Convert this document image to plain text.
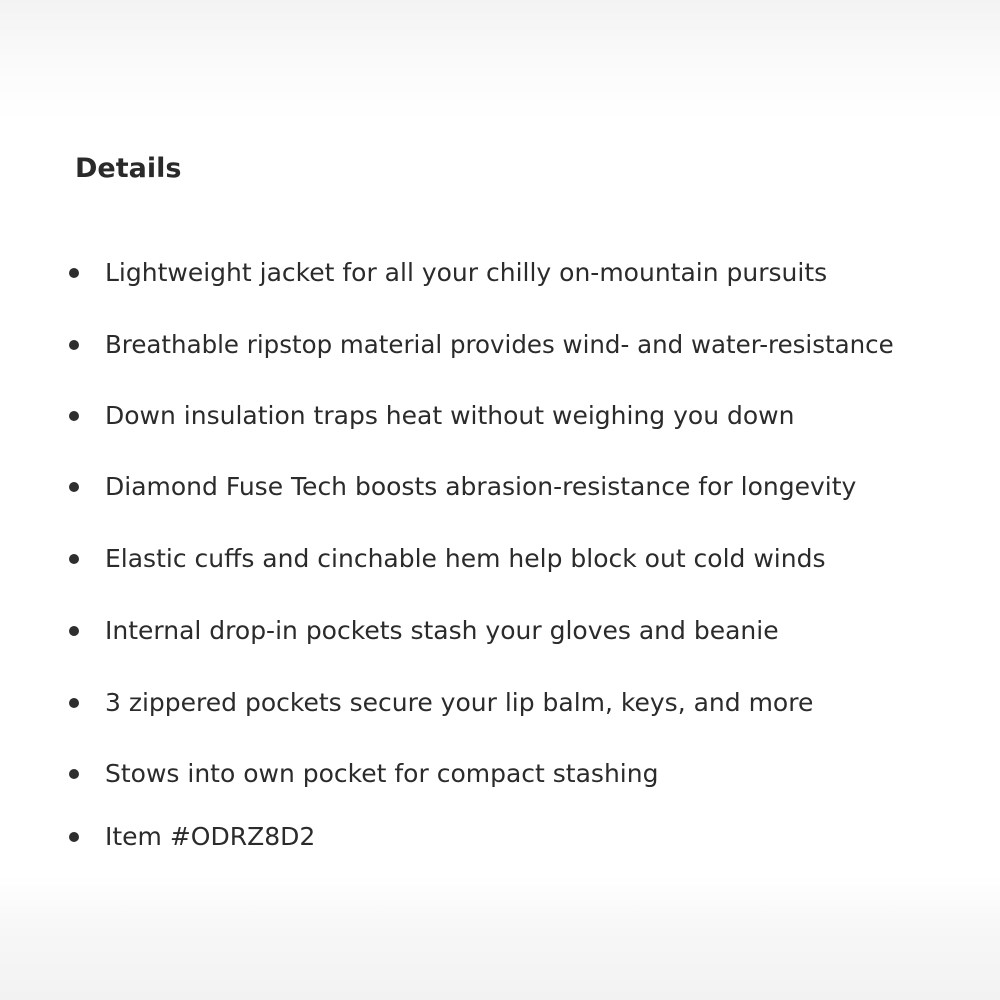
Details
Lightweight jacket for all your chilly on-mountain pursuits
Breathable ripstop material provides wind- and water-resistance
Down insulation traps heat without weighing you down
Diamond Fuse Tech boosts abrasion-resistance for longevity
Elastic cuffs and cinchable hem help block out cold winds
Internal drop-in pockets stash your gloves and beanie
3 zippered pockets secure your lip balm, keys, and more
Stows into own pocket for compact stashing
Item #ODRZ8D2
